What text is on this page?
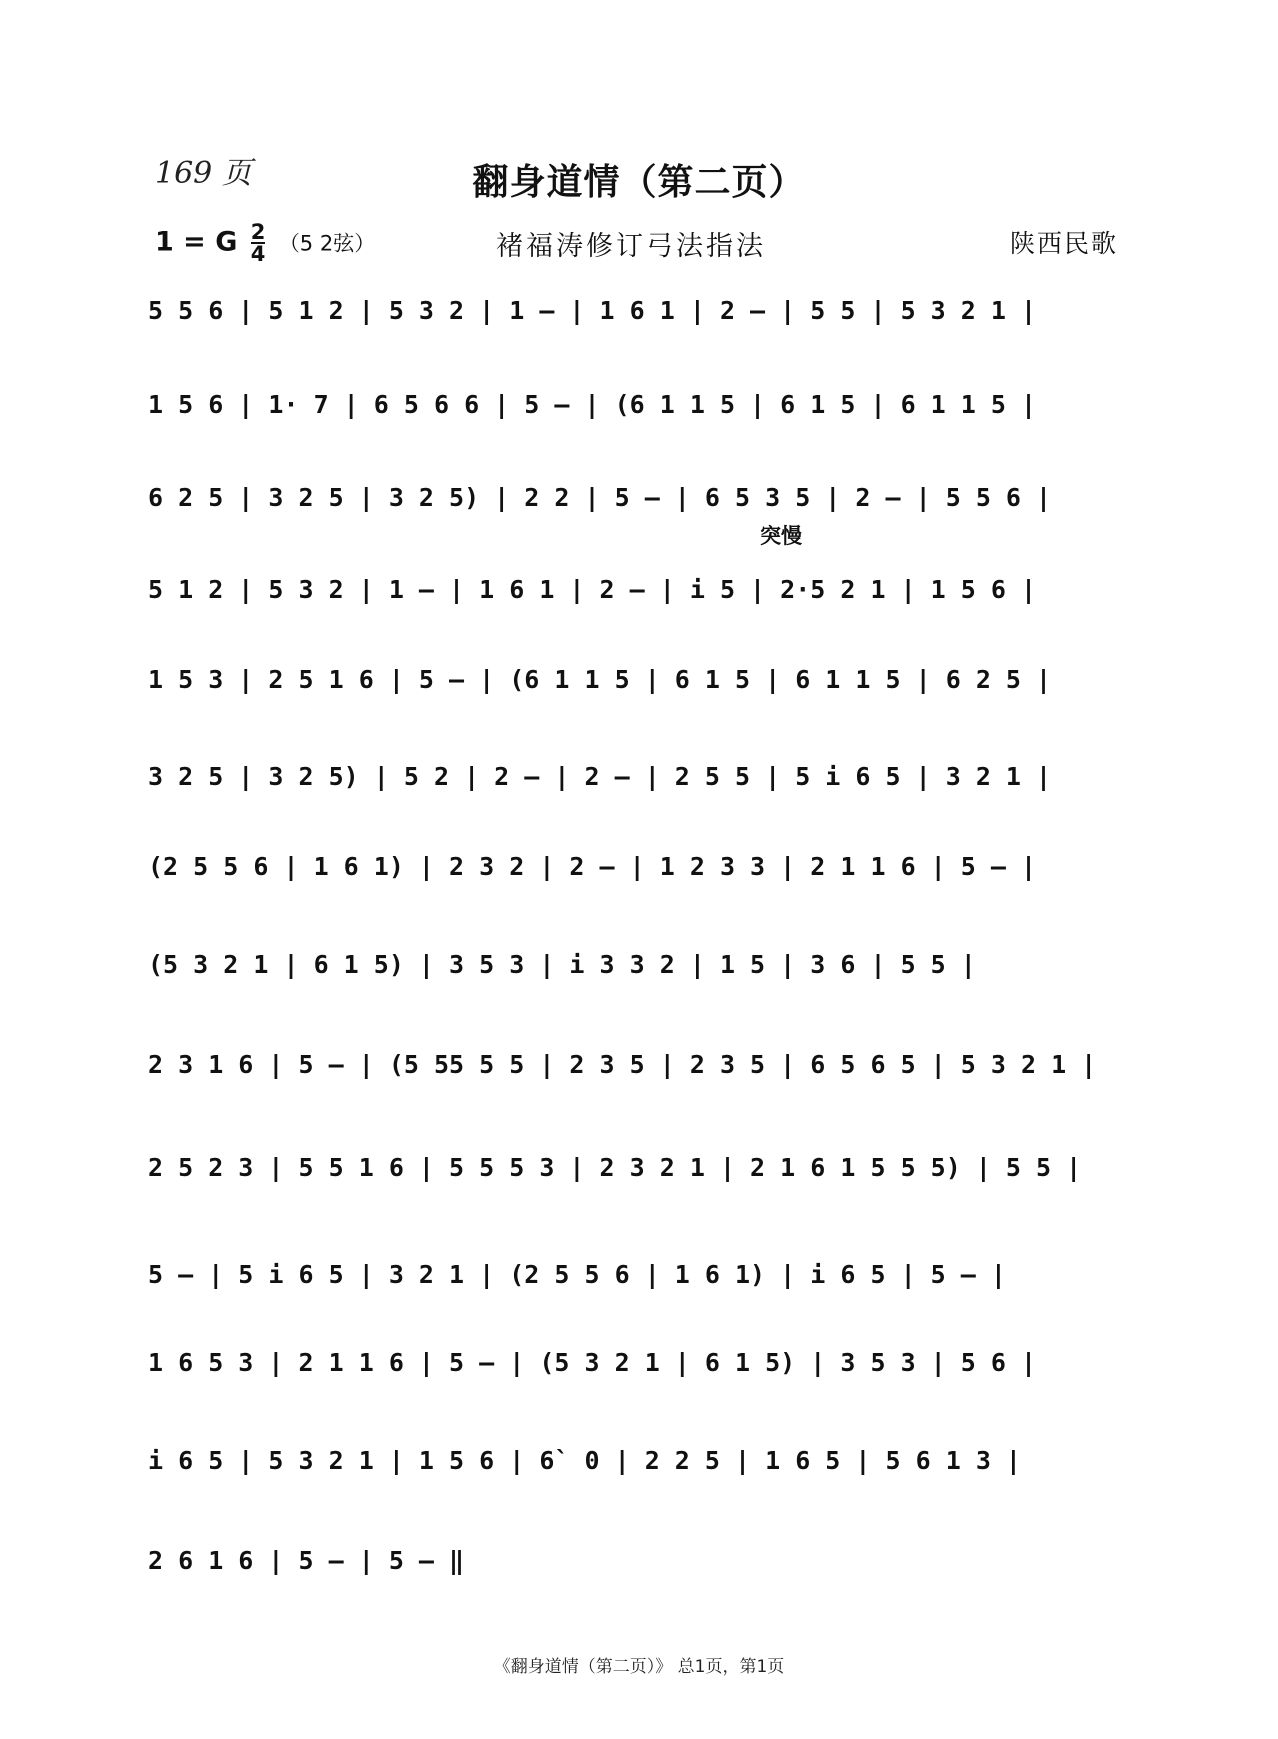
169 页	翻身道情（第二页）
1 = G $\frac{2}{4} (5$ 2弦）	褚福涛修订弓法指法	陕西民歌
5 5 6 | 5 1 2 | 5 3 2 | 1 – | 1 6 1 | 2 – | 5 5 | 5 3 2 1 |
1 5 6 | 1· 7 | 6 5 6 6 | 5 – | (6 1 1 5 | 6 1 5 | 6 1 1 5 |
6 2 5 | 3 2 5 | 3 2 5) | 2 2 | 5 – | 6 5 3 5 | 2 – | 5 5 6 |
突慢
5 1 2 | 5 3 2 | 1 – | 1 6 1 | 2 – | i 5 | 2·5 2 1 | 1 5 6 |
1 5 3 | 2 5 1 6 | 5 – | (6 1 1 5 | 6 1 5 | 6 1 1 5 | 6 2 5 |
3 2 5 | 3 2 5) | 5 2 | 2 – | 2 – | 2 5 5 | 5 i 6 5 | 3 2 1 |
(2 5 5 6 | 1 6 1) | 2 3 2 | 2 – | 1 2 3 3 | 2 1 1 6 | 5 – |
(5 3 2 1 | 6 1 5) | 3 5 3 | i 3 3 2 | 1 5 | 3 6 | 5 5 |
2 3 1 6 | 5 – | (5 55 5 5 | 2 3 5 | 2 3 5 | 6 5 6 5 | 5 3 2 1 |
2 5 2 3 | 5 5 1 6 | 5 5 5 3 | 2 3 2 1 | 2 1 6 1 5 5 5) | 5 5 |
5 – | 5 i 6 5 | 3 2 1 | (2 5 5 6 | 1 6 1) | i 6 5 | 5 – |
1 6 5 3 | 2 1 1 6 | 5 – | (5 3 2 1 | 6 1 5) | 3 5 3 | 5 6 |
i 6 5 | 5 3 2 1 | 1 5 6 | 6` 0 | 2 2 5 | 1 6 5 | 5 6 1 3 |
2 6 1 6 | 5 – | 5 – ‖
《翻身道情（第二页）》 总1页，第1页
